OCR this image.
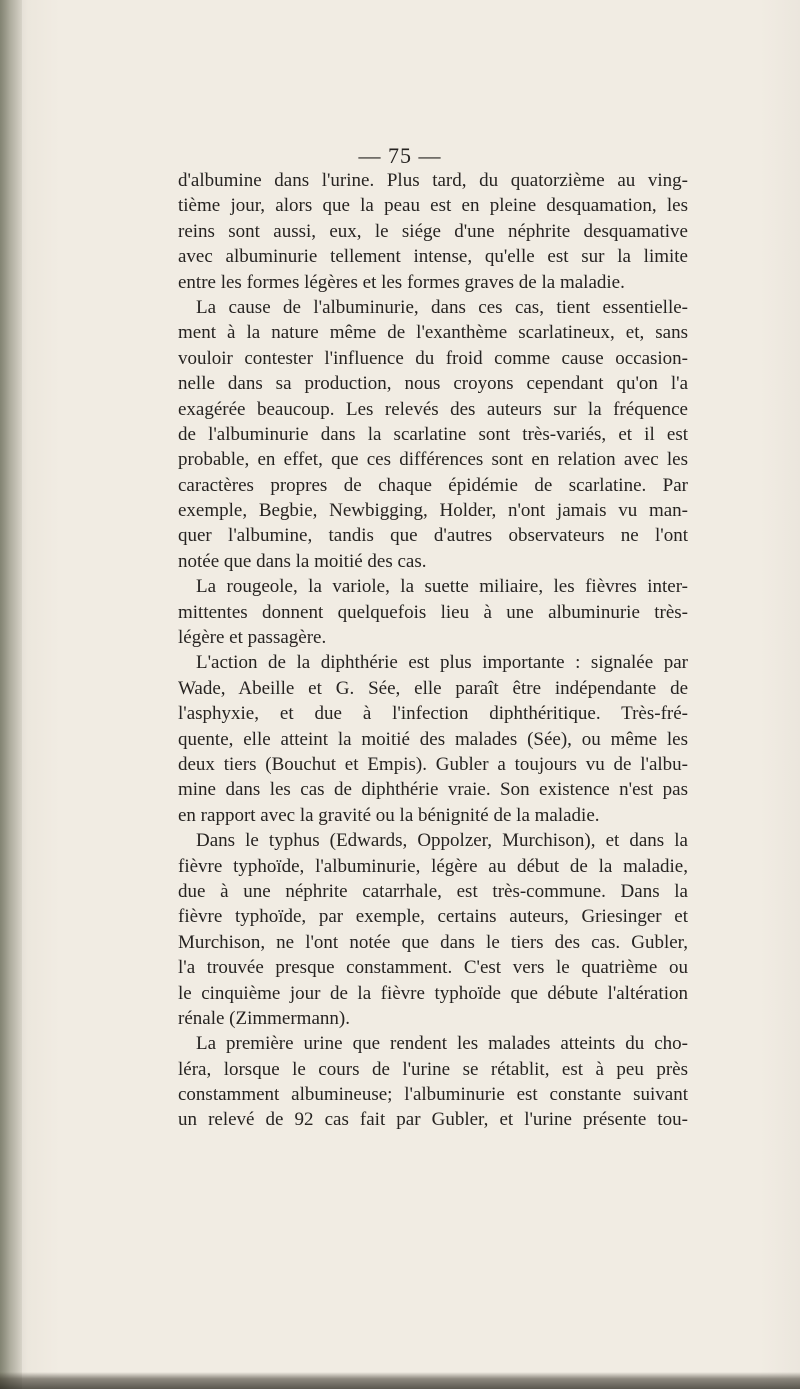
— 75 —
d'albumine dans l'urine. Plus tard, du quatorzième au ving-
tième jour, alors que la peau est en pleine desquamation, les
reins sont aussi, eux, le siége d'une néphrite desquamative
avec albuminurie tellement intense, qu'elle est sur la limite
entre les formes légères et les formes graves de la maladie.
La cause de l'albuminurie, dans ces cas, tient essentielle-
ment à la nature même de l'exanthème scarlatineux, et, sans
vouloir contester l'influence du froid comme cause occasion-
nelle dans sa production, nous croyons cependant qu'on l'a
exagérée beaucoup. Les relevés des auteurs sur la fréquence
de l'albuminurie dans la scarlatine sont très-variés, et il est
probable, en effet, que ces différences sont en relation avec les
caractères propres de chaque épidémie de scarlatine. Par
exemple, Begbie, Newbigging, Holder, n'ont jamais vu man-
quer l'albumine, tandis que d'autres observateurs ne l'ont
notée que dans la moitié des cas.
La rougeole, la variole, la suette miliaire, les fièvres inter-
mittentes donnent quelquefois lieu à une albuminurie très-
légère et passagère.
L'action de la diphthérie est plus importante : signalée par
Wade, Abeille et G. Sée, elle paraît être indépendante de
l'asphyxie, et due à l'infection diphthéritique. Très-fré-
quente, elle atteint la moitié des malades (Sée), ou même les
deux tiers (Bouchut et Empis). Gubler a toujours vu de l'albu-
mine dans les cas de diphthérie vraie. Son existence n'est pas
en rapport avec la gravité ou la bénignité de la maladie.
Dans le typhus (Edwards, Oppolzer, Murchison), et dans la
fièvre typhoïde, l'albuminurie, légère au début de la maladie,
due à une néphrite catarrhale, est très-commune. Dans la
fièvre typhoïde, par exemple, certains auteurs, Griesinger et
Murchison, ne l'ont notée que dans le tiers des cas. Gubler,
l'a trouvée presque constamment. C'est vers le quatrième ou
le cinquième jour de la fièvre typhoïde que débute l'altération
rénale (Zimmermann).
La première urine que rendent les malades atteints du cho-
léra, lorsque le cours de l'urine se rétablit, est à peu près
constamment albumineuse; l'albuminurie est constante suivant
un relevé de 92 cas fait par Gubler, et l'urine présente tou-
